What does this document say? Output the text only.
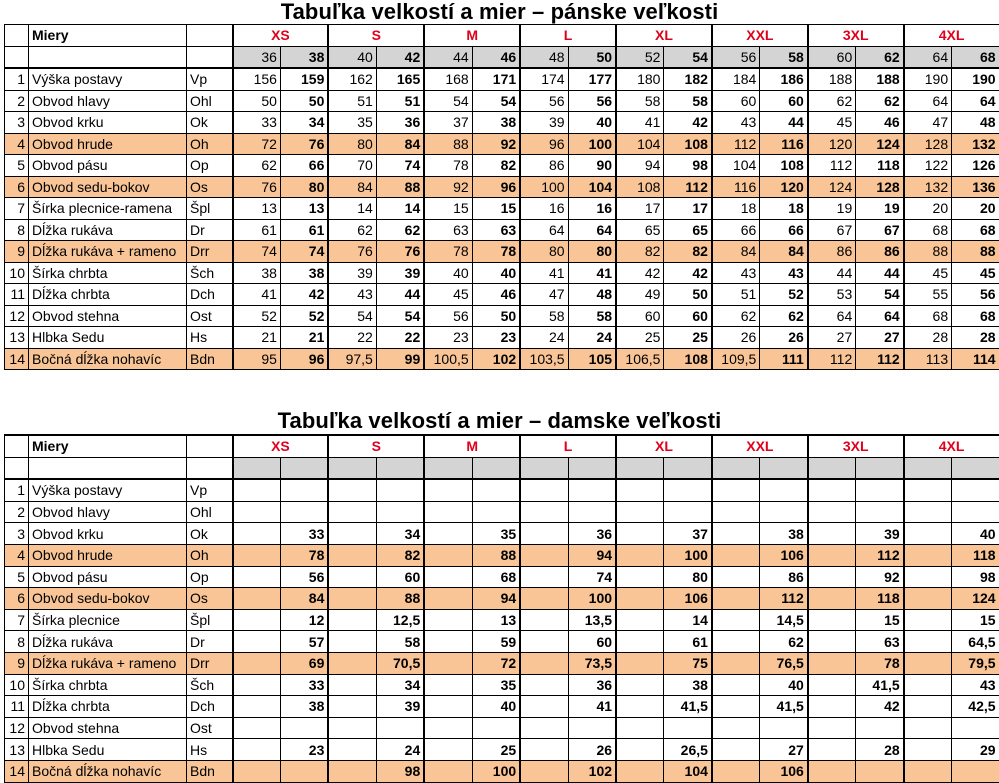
Tabuľka velkostí a mier – pánske veľkosti
	Miery		XS		S		M		L		XL		XXL		3XL		4XL	
			36	38	40	42	44	46	48	50	52	54	56	58	60	62	64	68
1	Výška postavy	Vp	156	159	162	165	168	171	174	177	180	182	184	186	188	188	190	190
2	Obvod hlavy	Ohl	50	50	51	51	54	54	56	56	58	58	60	60	62	62	64	64
3	Obvod krku	Ok	33	34	35	36	37	38	39	40	41	42	43	44	45	46	47	48
4	Obvod hrude	Oh	72	76	80	84	88	92	96	100	104	108	112	116	120	124	128	132
5	Obvod pásu	Op	62	66	70	74	78	82	86	90	94	98	104	108	112	118	122	126
6	Obvod sedu-bokov	Os	76	80	84	88	92	96	100	104	108	112	116	120	124	128	132	136
7	Šírka plecnice-ramena	Špl	13	13	14	14	15	15	16	16	17	17	18	18	19	19	20	20
8	Dĺžka rukáva	Dr	61	61	62	62	63	63	64	64	65	65	66	66	67	67	68	68
9	Dĺžka rukáva + rameno	Drr	74	74	76	76	78	78	80	80	82	82	84	84	86	86	88	88
10	Šírka chrbta	Šch	38	38	39	39	40	40	41	41	42	42	43	43	44	44	45	45
11	Dĺžka chrbta	Dch	41	42	43	44	45	46	47	48	49	50	51	52	53	54	55	56
12	Obvod stehna	Ost	52	52	54	54	56	50	58	58	60	60	62	62	64	64	68	68
13	Hlbka Sedu	Hs	21	21	22	22	23	23	24	24	25	25	26	26	27	27	28	28
14	Bočná dĺžka nohavíc	Bdn	95	96	97,5	99	100,5	102	103,5	105	106,5	108	109,5	111	112	112	113	114
Tabuľka velkostí a mier – damske veľkosti
	Miery		XS		S		M		L		XL		XXL		3XL		4XL	

1	Výška postavy	Vp																
2	Obvod hlavy	Ohl																
3	Obvod krku	Ok		33		34		35		36		37		38		39		40
4	Obvod hrude	Oh		78		82		88		94		100		106		112		118
5	Obvod pásu	Op		56		60		68		74		80		86		92		98
6	Obvod sedu-bokov	Os		84		88		94		100		106		112		118		124
7	Šírka plecnice	Špl		12		12,5		13		13,5		14		14,5		15		15
8	Dĺžka rukáva	Dr		57		58		59		60		61		62		63		64,5
9	Dĺžka rukáva + rameno	Drr		69		70,5		72		73,5		75		76,5		78		79,5
10	Šírka chrbta	Šch		33		34		35		36		38		40		41,5		43
11	Dĺžka chrbta	Dch		38		39		40		41		41,5		41,5		42		42,5
12	Obvod stehna	Ost																
13	Hlbka Sedu	Hs		23		24		25		26		26,5		27		28		29
14	Bočná dĺžka nohavíc	Bdn				98		100		102		104		106				
